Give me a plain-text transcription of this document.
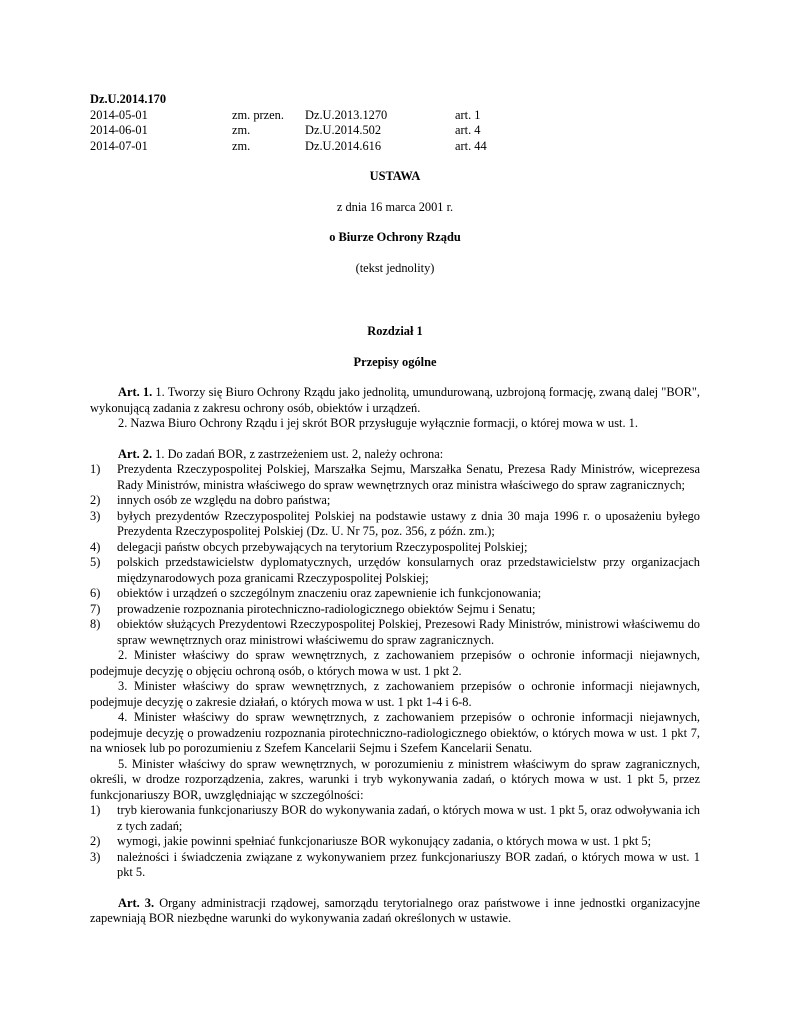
Dz.U.2014.170
2014-05-01	zm. przen.	Dz.U.2013.1270	art. 1
2014-06-01	zm.	Dz.U.2014.502	art. 4
2014-07-01	zm.	Dz.U.2014.616	art. 44
USTAWA
z dnia 16 marca 2001 r.
o Biurze Ochrony Rządu
(tekst jednolity)
Rozdział 1
Przepisy ogólne

Art. 1. 1. Tworzy się Biuro Ochrony Rządu jako jednolitą, umundurowaną, uzbrojoną formację, zwaną dalej "BOR", wykonującą zadania z zakresu ochrony osób, obiektów i urządzeń.

2. Nazwa Biuro Ochrony Rządu i jej skrót BOR przysługuje wyłącznie formacji, o której mowa w ust. 1.

Art. 2. 1. Do zadań BOR, z zastrzeżeniem ust. 2, należy ochrona:

1)	Prezydenta Rzeczypospolitej Polskiej, Marszałka Sejmu, Marszałka Senatu, Prezesa Rady Ministrów, wiceprezesa Rady Ministrów, ministra właściwego do spraw wewnętrznych oraz ministra właściwego do spraw zagranicznych;
2)	innych osób ze względu na dobro państwa;
3)	byłych prezydentów Rzeczypospolitej Polskiej na podstawie ustawy z dnia 30 maja 1996 r. o uposażeniu byłego Prezydenta Rzeczypospolitej Polskiej (Dz. U. Nr 75, poz. 356, z późn. zm.);
4)	delegacji państw obcych przebywających na terytorium Rzeczypospolitej Polskiej;
5)	polskich przedstawicielstw dyplomatycznych, urzędów konsularnych oraz przedstawicielstw przy organizacjach międzynarodowych poza granicami Rzeczypospolitej Polskiej;
6)	obiektów i urządzeń o szczególnym znaczeniu oraz zapewnienie ich funkcjonowania;
7)	prowadzenie rozpoznania pirotechniczno-radiologicznego obiektów Sejmu i Senatu;
8)	obiektów służących Prezydentowi Rzeczypospolitej Polskiej, Prezesowi Rady Ministrów, ministrowi właściwemu do spraw wewnętrznych oraz ministrowi właściwemu do spraw zagranicznych.

2. Minister właściwy do spraw wewnętrznych, z zachowaniem przepisów o ochronie informacji niejawnych, podejmuje decyzję o objęciu ochroną osób, o których mowa w ust. 1 pkt 2.

3. Minister właściwy do spraw wewnętrznych, z zachowaniem przepisów o ochronie informacji niejawnych, podejmuje decyzję o zakresie działań, o których mowa w ust. 1 pkt 1-4 i 6-8.

4. Minister właściwy do spraw wewnętrznych, z zachowaniem przepisów o ochronie informacji niejawnych, podejmuje decyzję o prowadzeniu rozpoznania pirotechniczno-radiologicznego obiektów, o których mowa w ust. 1 pkt 7, na wniosek lub po porozumieniu z Szefem Kancelarii Sejmu i Szefem Kancelarii Senatu.

5. Minister właściwy do spraw wewnętrznych, w porozumieniu z ministrem właściwym do spraw zagranicznych, określi, w drodze rozporządzenia, zakres, warunki i tryb wykonywania zadań, o których mowa w ust. 1 pkt 5, przez funkcjonariuszy BOR, uwzględniając w szczególności:

1)	tryb kierowania funkcjonariuszy BOR do wykonywania zadań, o których mowa w ust. 1 pkt 5, oraz odwoływania ich z tych zadań;
2)	wymogi, jakie powinni spełniać funkcjonariusze BOR wykonujący zadania, o których mowa w ust. 1 pkt 5;
3)	należności i świadczenia związane z wykonywaniem przez funkcjonariuszy BOR zadań, o których mowa w ust. 1 pkt 5.

Art. 3. Organy administracji rządowej, samorządu terytorialnego oraz państwowe i inne jednostki organizacyjne zapewniają BOR niezbędne warunki do wykonywania zadań określonych w ustawie.
